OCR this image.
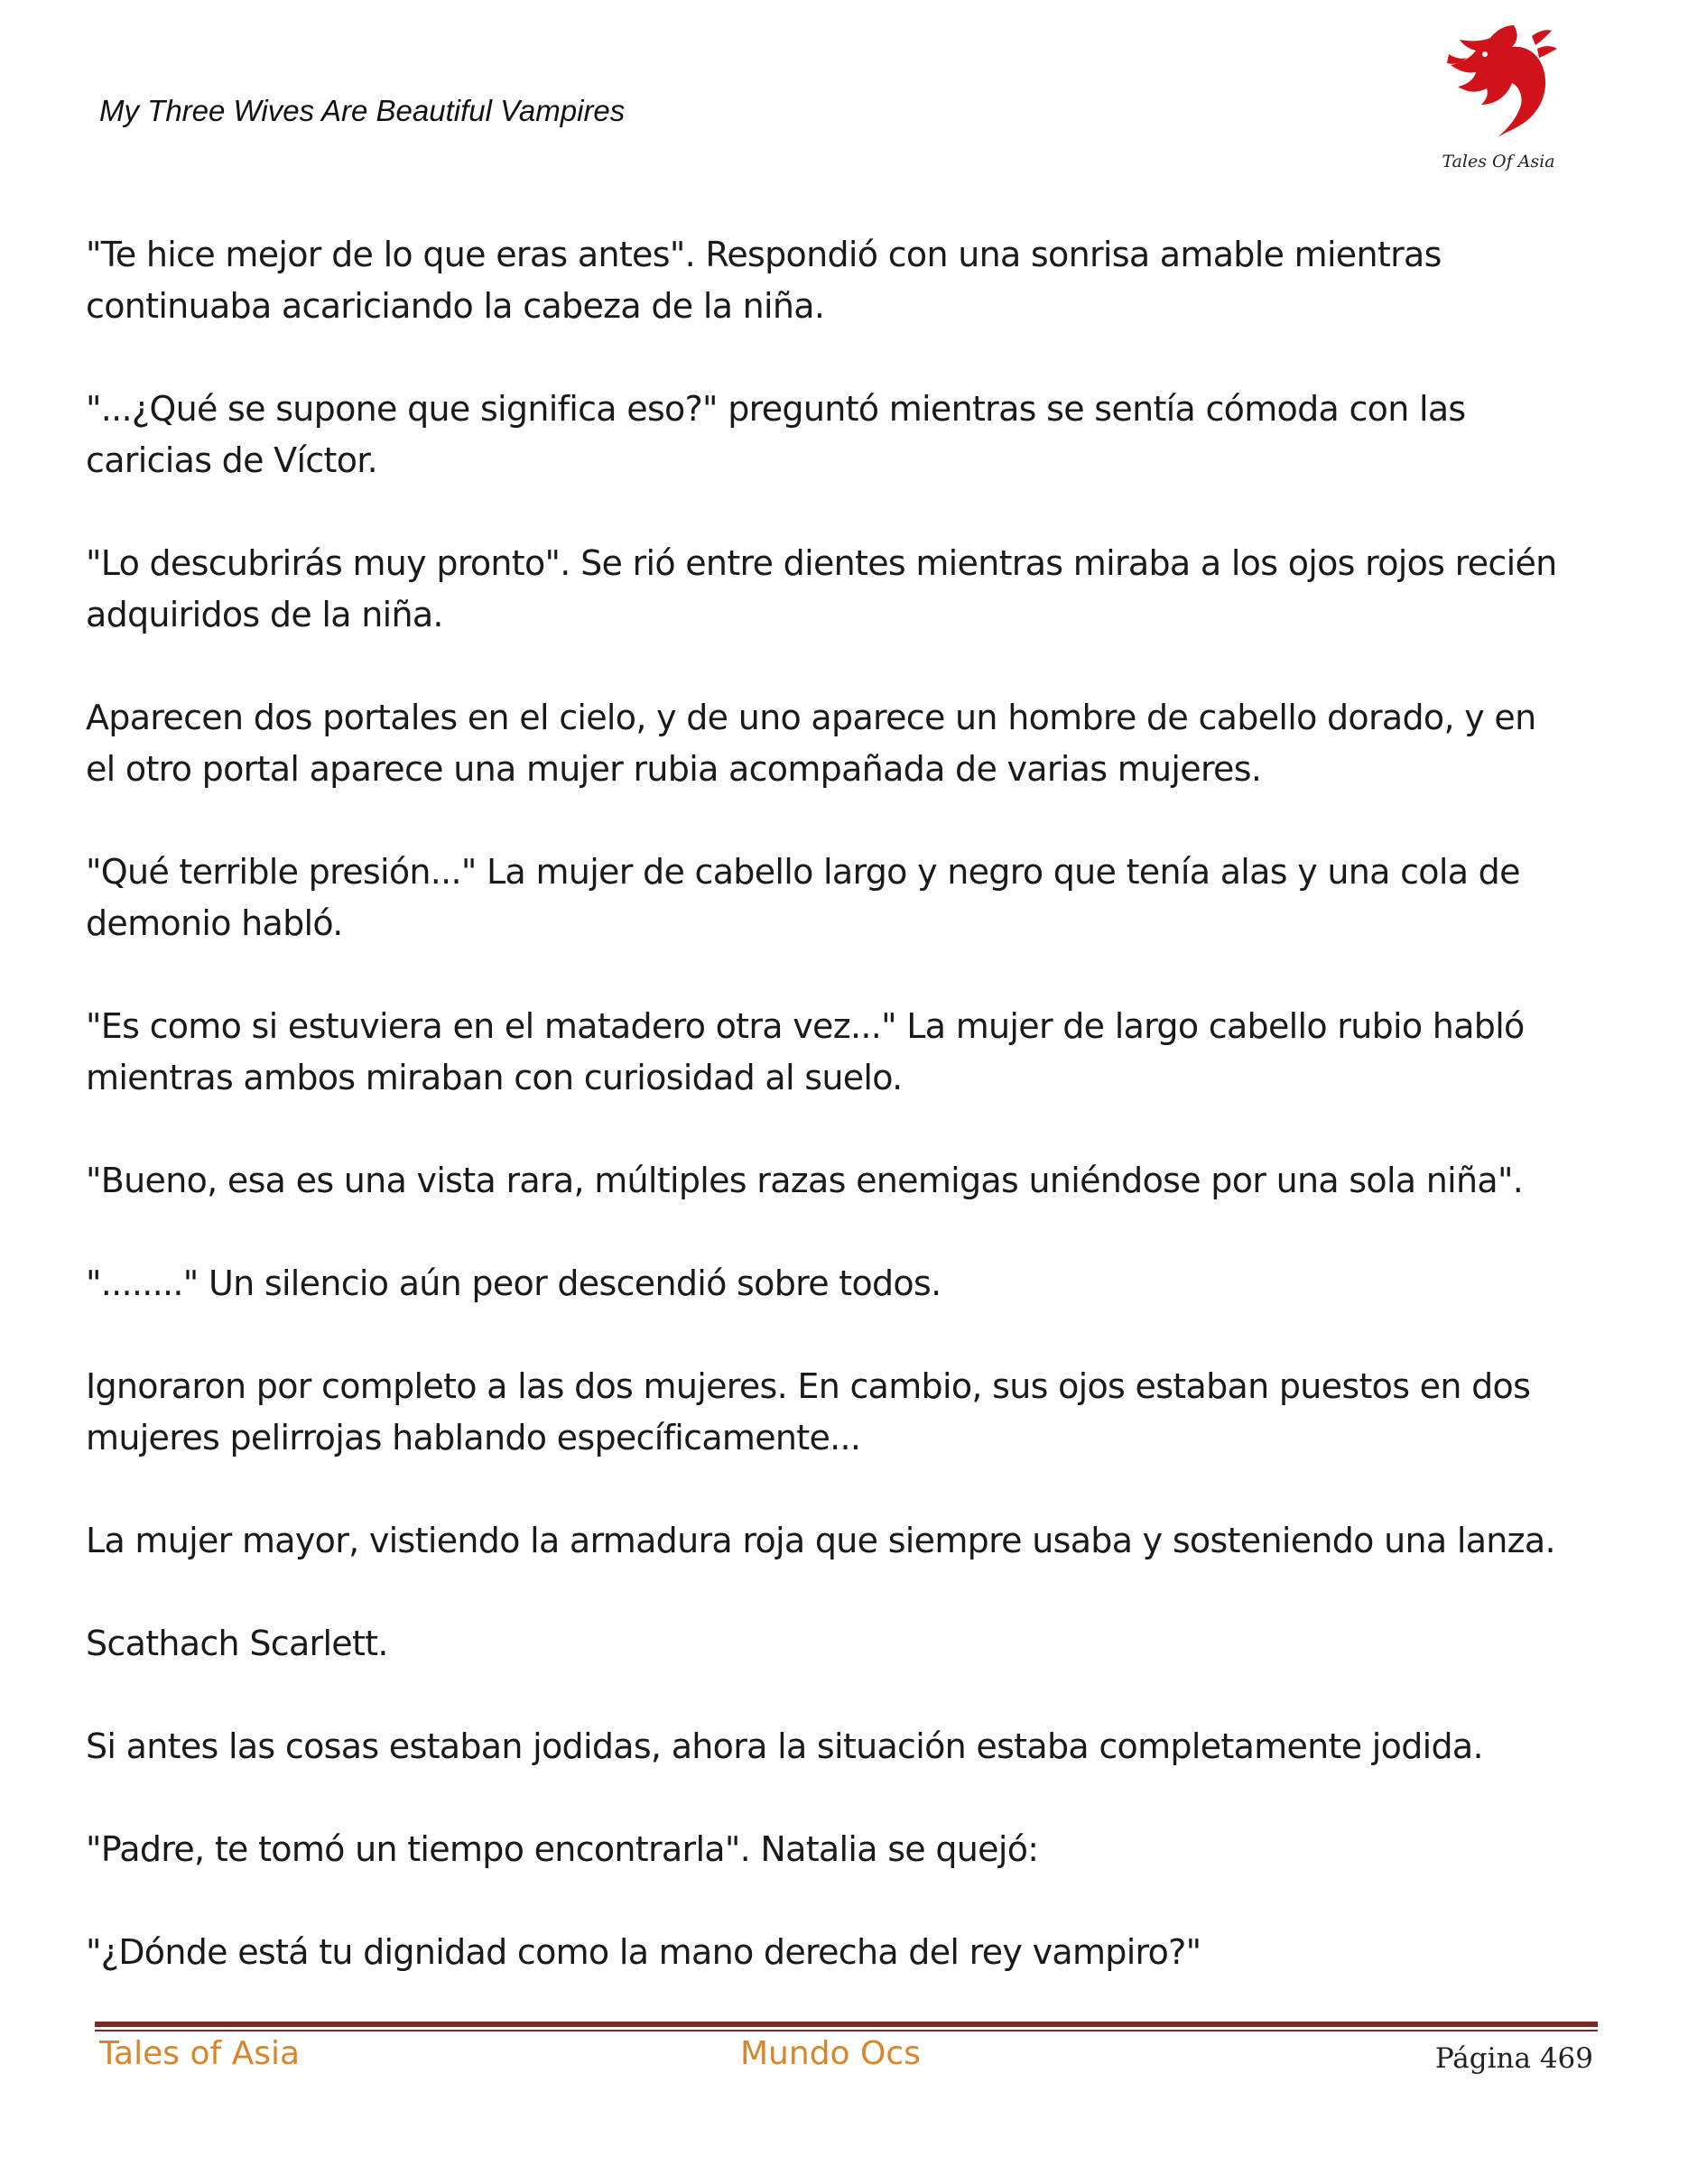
My Three Wives Are Beautiful Vampires
Tales Of Asia

"Te hice mejor de lo que eras antes". Respondió con una sonrisa amable mientras
continuaba acariciando la cabeza de la niña.

"...¿Qué se supone que significa eso?" preguntó mientras se sentía cómoda con las
caricias de Víctor.

"Lo descubrirás muy pronto". Se rió entre dientes mientras miraba a los ojos rojos recién
adquiridos de la niña.

Aparecen dos portales en el cielo, y de uno aparece un hombre de cabello dorado, y en
el otro portal aparece una mujer rubia acompañada de varias mujeres.

"Qué terrible presión..." La mujer de cabello largo y negro que tenía alas y una cola de
demonio habló.

"Es como si estuviera en el matadero otra vez..." La mujer de largo cabello rubio habló
mientras ambos miraban con curiosidad al suelo.

"Bueno, esa es una vista rara, múltiples razas enemigas uniéndose por una sola niña".

"........" Un silencio aún peor descendió sobre todos.

Ignoraron por completo a las dos mujeres. En cambio, sus ojos estaban puestos en dos
mujeres pelirrojas hablando específicamente...

La mujer mayor, vistiendo la armadura roja que siempre usaba y sosteniendo una lanza.

Scathach Scarlett.

Si antes las cosas estaban jodidas, ahora la situación estaba completamente jodida.

"Padre, te tomó un tiempo encontrarla". Natalia se quejó:

"¿Dónde está tu dignidad como la mano derecha del rey vampiro?"

Tales of Asia	Mundo Ocs	Página 469
